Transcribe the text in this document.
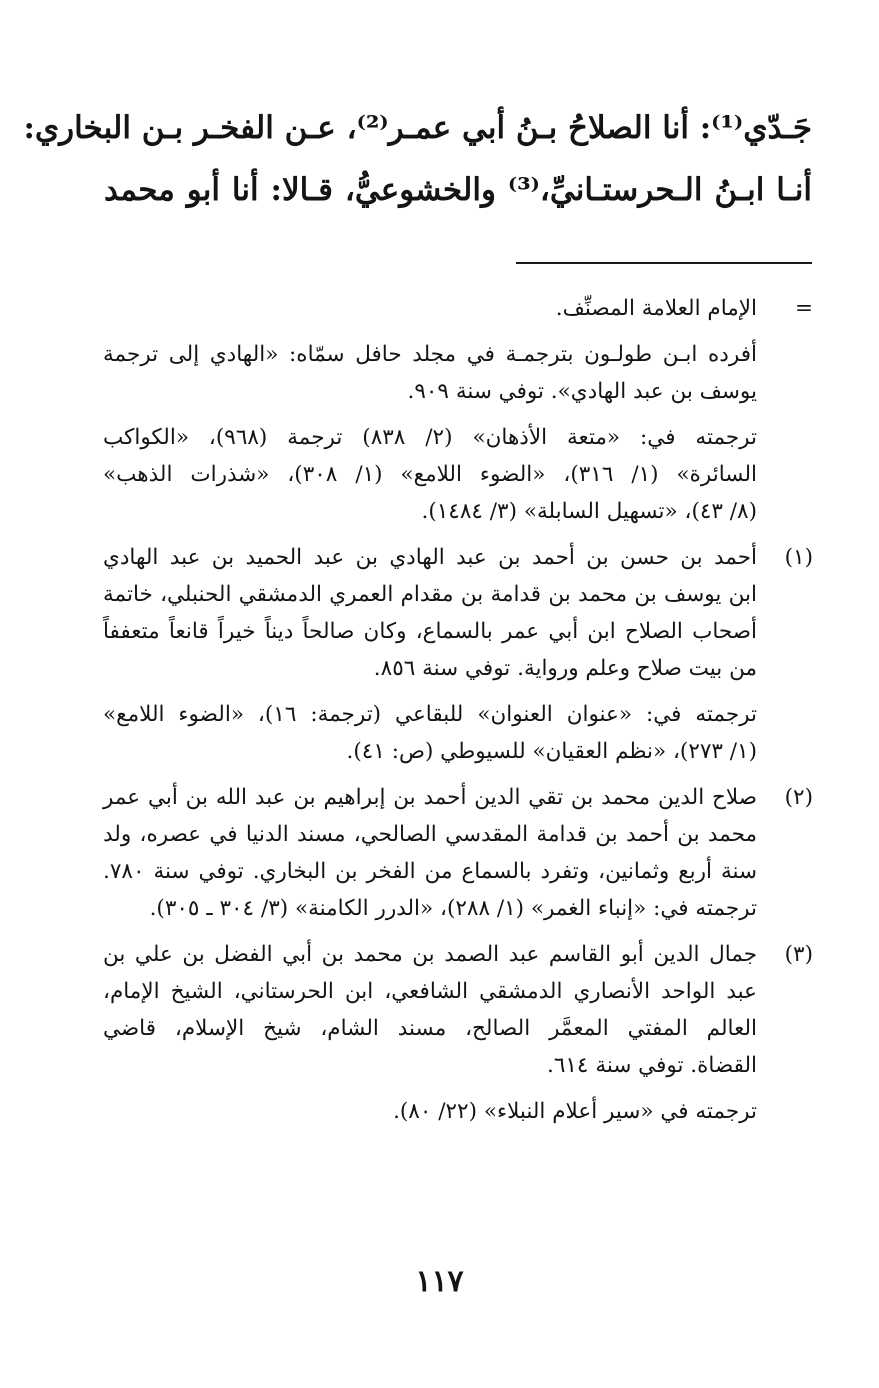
جَـدّي⁽¹⁾: أنا الصلاحُ بـنُ أبي عمـر⁽²⁾، عـن الفخـر بـن البخاري:
أنـا ابـنُ الـحرستـانيِّ،⁽³⁾ والخشوعيُّ، قـالا: أنا أبو محمد

=

الإمام العلامة المصنِّف.

أفرده ابـن طولـون بترجمـة في مجلد حافل سمّاه: «الهادي إلى ترجمة
يوسف بن عبد الهادي». توفي سنة ٩٠٩.

ترجمته في: «متعة الأذهان» (٢/ ٨٣٨) ترجمة (٩٦٨)، «الكواكب
السائرة» (١/ ٣١٦)، «الضوء اللامع» (١/ ٣٠٨)، «شذرات الذهب»
(٨/ ٤٣)، «تسهيل السابلة» (٣/ ١٤٨٤).

(١)

أحمد بن حسن بن أحمد بن عبد الهادي بن عبد الحميد بن عبد الهادي
ابن يوسف بن محمد بن قدامة بن مقدام العمري الدمشقي الحنبلي، خاتمة
أصحاب الصلاح ابن أبي عمر بالسماع، وكان صالحاً ديناً خيراً قانعاً متعففاً
من بيت صلاح وعلم ورواية. توفي سنة ٨٥٦.

ترجمته في: «عنوان العنوان» للبقاعي (ترجمة: ١٦)، «الضوء اللامع»
(١/ ٢٧٣)، «نظم العقيان» للسيوطي (ص: ٤١).

(٢)

صلاح الدين محمد بن تقي الدين أحمد بن إبراهيم بن عبد الله بن أبي عمر
محمد بن أحمد بن قدامة المقدسي الصالحي، مسند الدنيا في عصره، ولد
سنة أربع وثمانين، وتفرد بالسماع من الفخر بن البخاري. توفي سنة ٧٨٠.
ترجمته في: «إنباء الغمر» (١/ ٢٨٨)، «الدرر الكامنة» (٣/ ٣٠٤ ـ ٣٠٥).

(٣)

جمال الدين أبو القاسم عبد الصمد بن محمد بن أبي الفضل بن علي بن
عبد الواحد الأنصاري الدمشقي الشافعي، ابن الحرستاني، الشيخ الإمام،
العالم المفتي المعمَّر الصالح، مسند الشام، شيخ الإسلام، قاضي
القضاة. توفي سنة ٦١٤.

ترجمته في «سير أعلام النبلاء» (٢٢/ ٨٠).

١١٧
